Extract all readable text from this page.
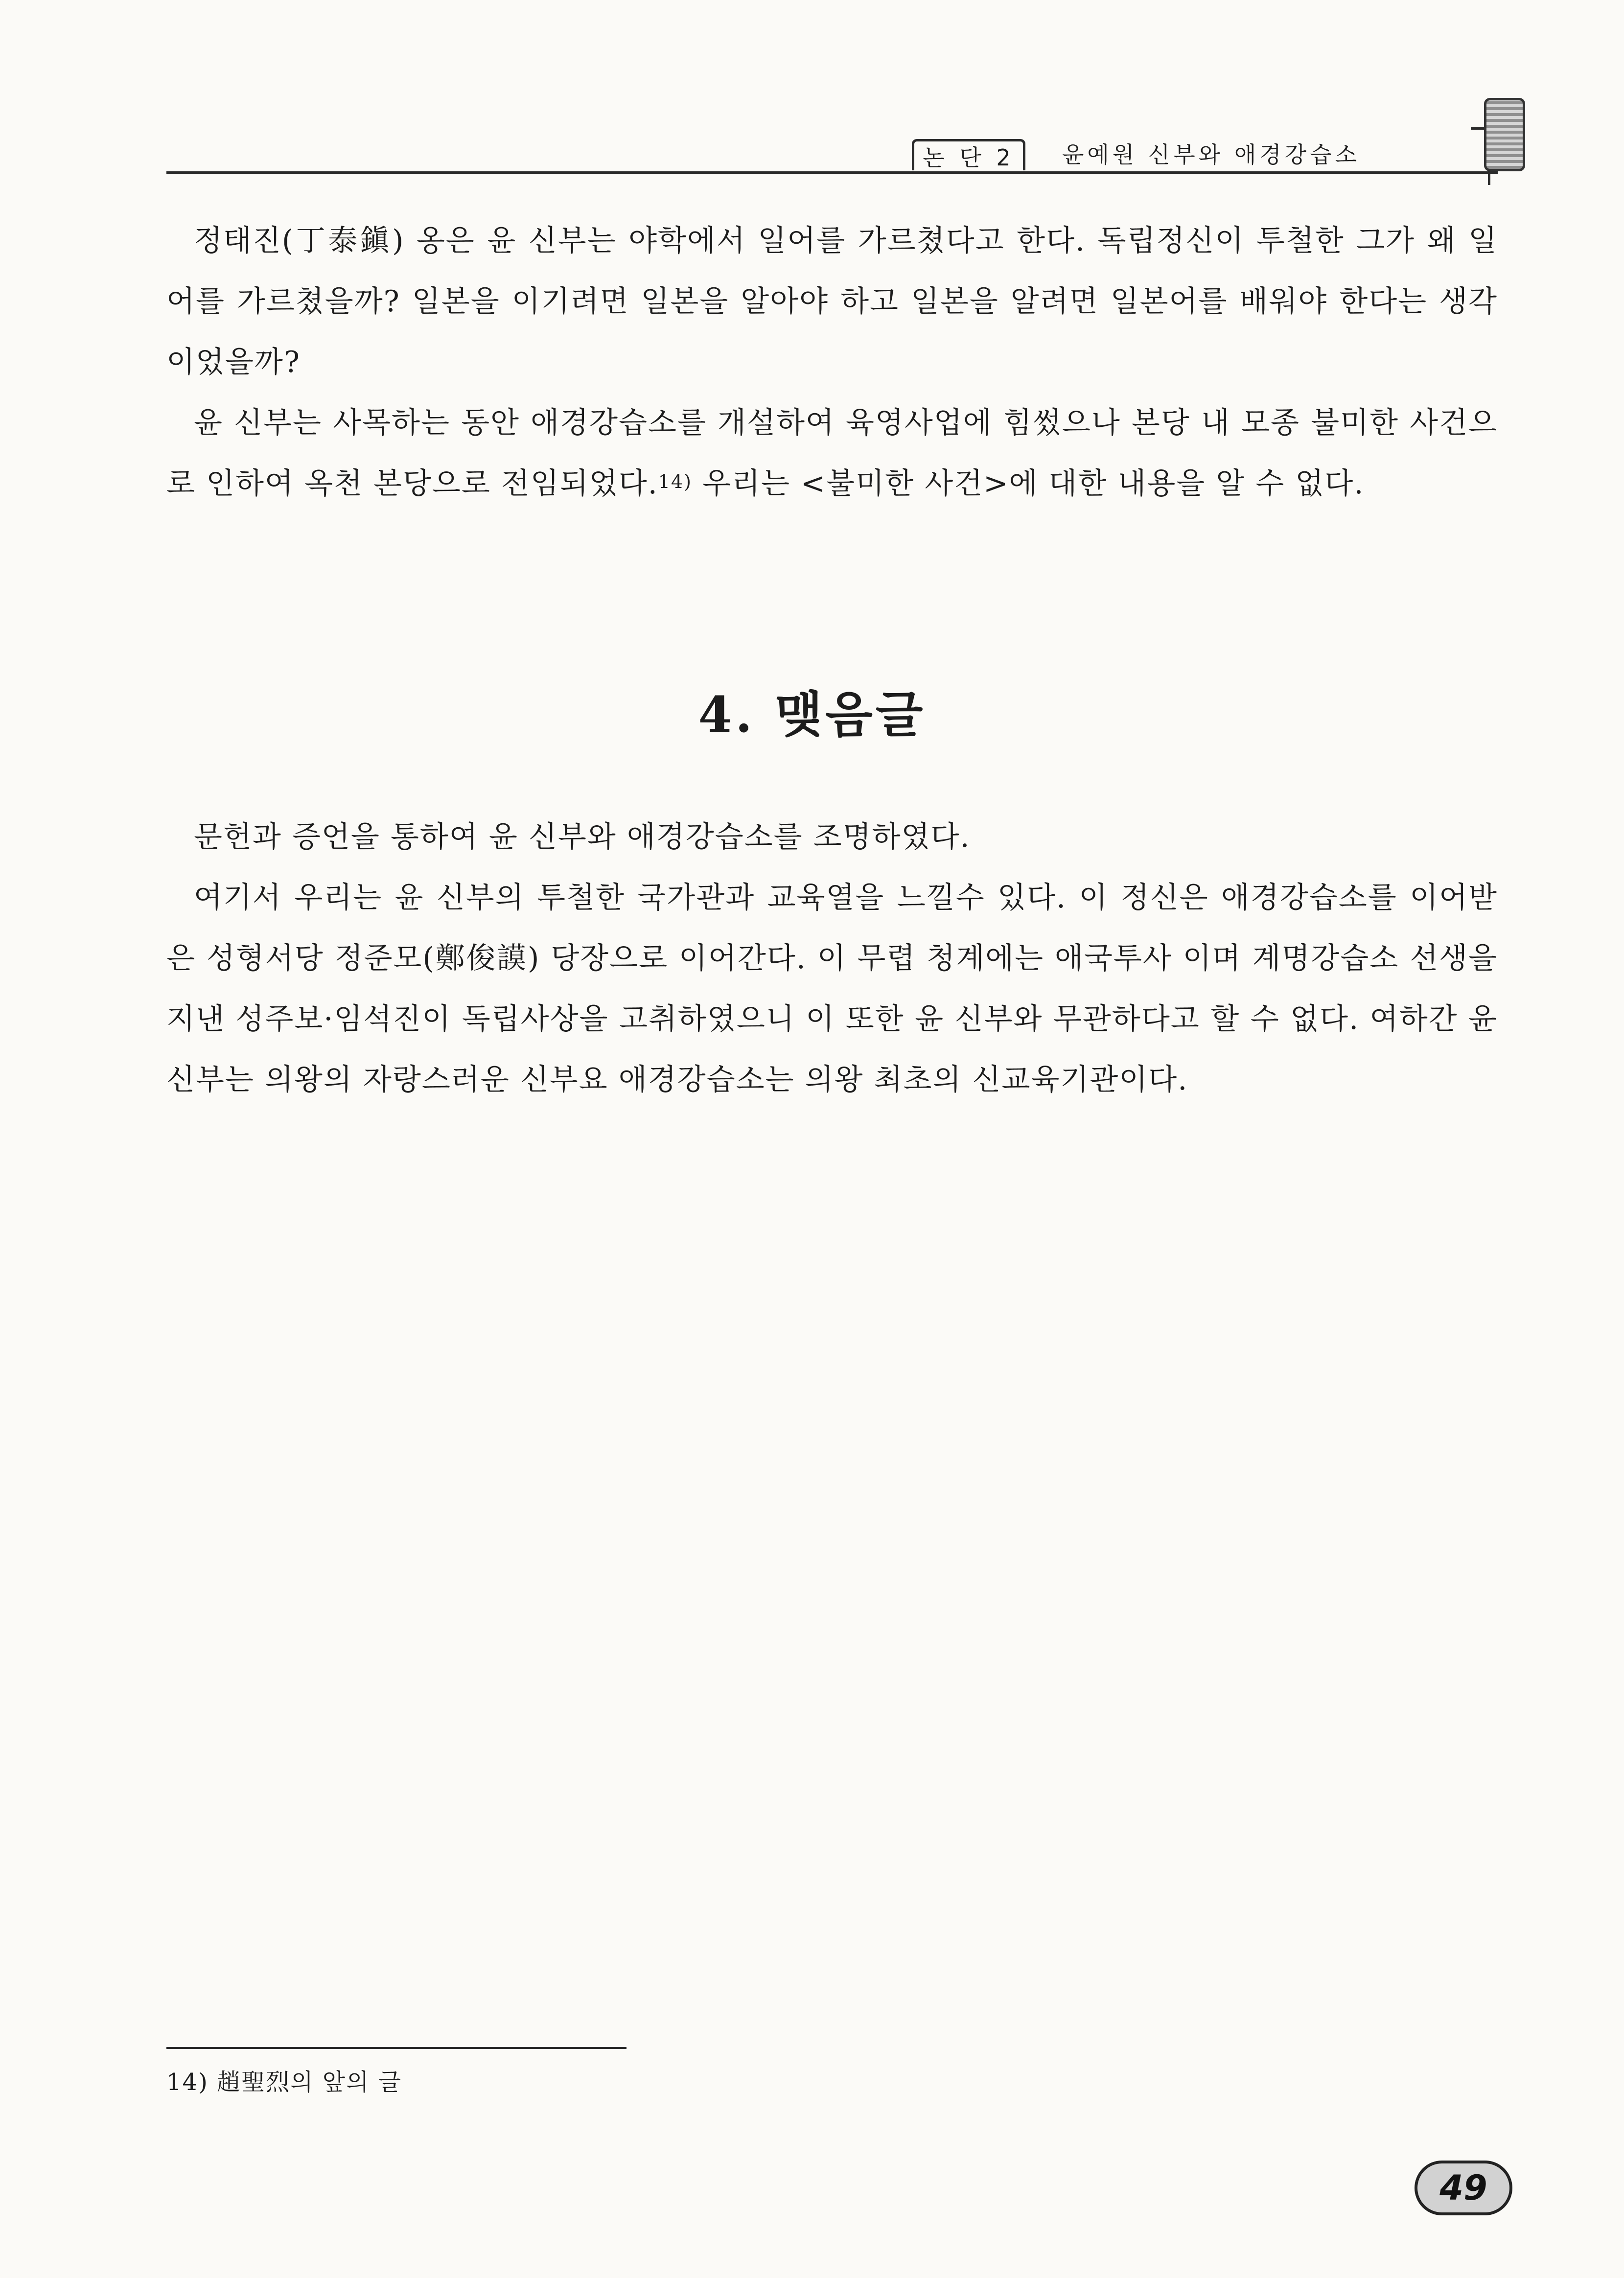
논 단 2	윤예원 신부와 애경강습소

정태진(丁泰鎭) 옹은 윤 신부는 야학에서 일어를 가르쳤다고 한다. 독립정신이 투철한 그가 왜 일어를 가르쳤을까? 일본을 이기려면 일본을 알아야 하고 일본을 알려면 일본어를 배워야 한다는 생각이었을까?

윤 신부는 사목하는 동안 애경강습소를 개설하여 육영사업에 힘썼으나 본당 내 모종 불미한 사건으로 인하여 옥천 본당으로 전임되었다.$^{14)}$ 우리는 <불미한 사건>에 대한 내용을 알 수 없다.

4. 맺음글

문헌과 증언을 통하여 윤 신부와 애경강습소를 조명하였다.

여기서 우리는 윤 신부의 투철한 국가관과 교육열을 느낄수 있다. 이 정신은 애경강습소를 이어받은 성형서당 정준모(鄭俊謨) 당장으로 이어간다. 이 무렵 청계에는 애국투사 이며 계명강습소 선생을 지낸 성주보·임석진이 독립사상을 고취하였으니 이 또한 윤 신부와 무관하다고 할 수 없다. 여하간 윤 신부는 의왕의 자랑스러운 신부요 애경강습소는 의왕 최초의 신교육기관이다.

14) 趙聖烈의 앞의 글
49
